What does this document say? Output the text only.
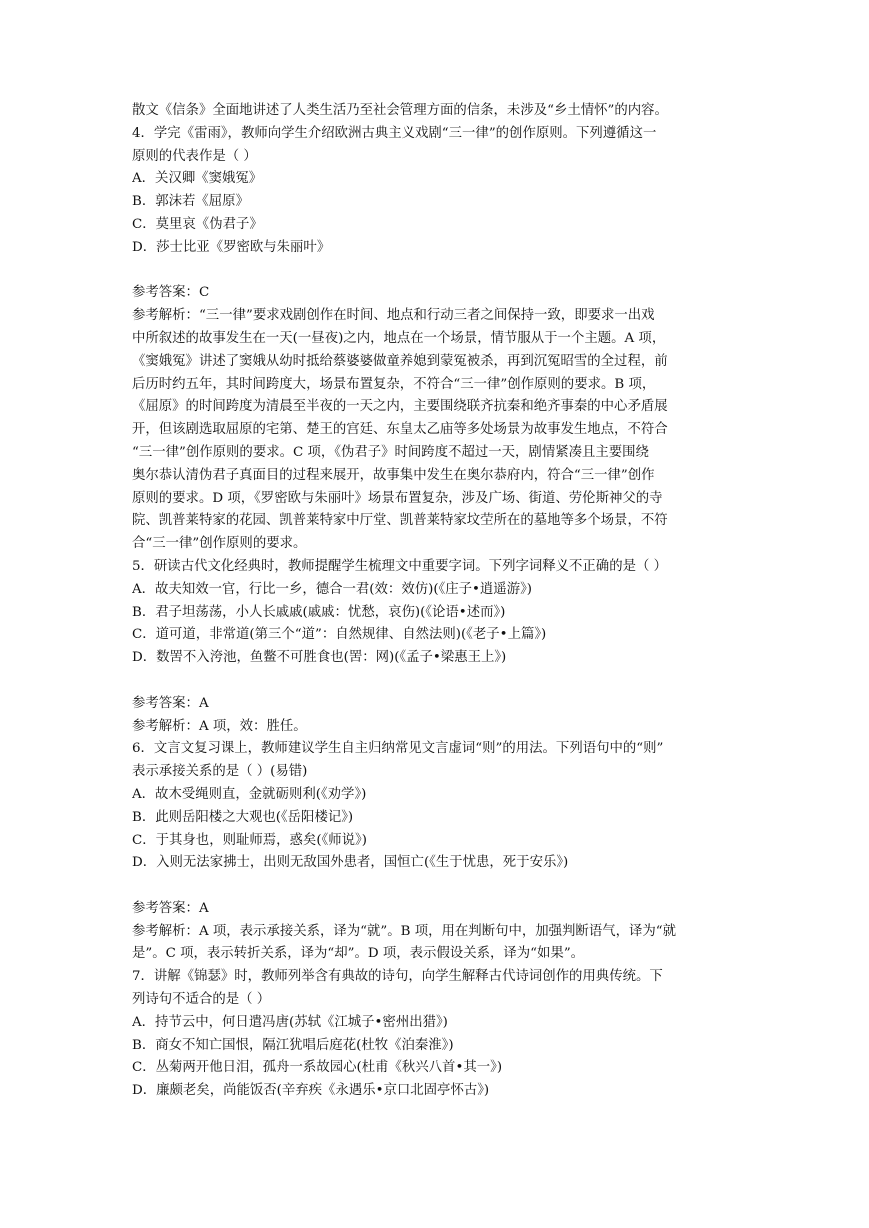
散文《信条》全面地讲述了人类生活乃至社会管理方面的信条，未涉及“乡土情怀”的内容。
4．学完《雷雨》，教师向学生介绍欧洲古典主义戏剧“三一律”的创作原则。下列遵循这一
原则的代表作是（ ）
A．关汉卿《窦娥冤》
B．郭沫若《屈原》
C．莫里哀《伪君子》
D．莎士比亚《罗密欧与朱丽叶》
参考答案：C
参考解析：“三一律”要求戏剧创作在时间、地点和行动三者之间保持一致，即要求一出戏
中所叙述的故事发生在一天(一昼夜)之内，地点在一个场景，情节服从于一个主题。A 项，
《窦娥冤》讲述了窦娥从幼时抵给蔡婆婆做童养媳到蒙冤被杀，再到沉冤昭雪的全过程，前
后历时约五年，其时间跨度大，场景布置复杂，不符合“三一律”创作原则的要求。B 项，
《屈原》的时间跨度为清晨至半夜的一天之内，主要围绕联齐抗秦和绝齐事秦的中心矛盾展
开，但该剧选取屈原的宅第、楚王的宫廷、东皇太乙庙等多处场景为故事发生地点，不符合
“三一律”创作原则的要求。C 项，《伪君子》时间跨度不超过一天，剧情紧凑且主要围绕
奥尔恭认清伪君子真面目的过程来展开，故事集中发生在奥尔恭府内，符合“三一律”创作
原则的要求。D 项，《罗密欧与朱丽叶》场景布置复杂，涉及广场、街道、劳伦斯神父的寺
院、凯普莱特家的花园、凯普莱特家中厅堂、凯普莱特家坟茔所在的墓地等多个场景，不符
合“三一律”创作原则的要求。
5．研读古代文化经典时，教师提醒学生梳理文中重要字词。下列字词释义不正确的是（ ）
A．故夫知效一官，行比一乡，德合一君(效：效仿)(《庄子•逍遥游》)
B．君子坦荡荡，小人长戚戚(戚戚：忧愁，哀伤)(《论语•述而》)
C．道可道，非常道(第三个“道”：自然规律、自然法则)(《老子•上篇》)
D．数罟不入洿池，鱼鳖不可胜食也(罟：网)(《孟子•梁惠王上》)
参考答案：A
参考解析：A 项，效：胜任。
6．文言文复习课上，教师建议学生自主归纳常见文言虚词“则”的用法。下列语句中的“则”
表示承接关系的是（ ）(易错)
A．故木受绳则直，金就砺则利(《劝学》)
B．此则岳阳楼之大观也(《岳阳楼记》)
C．于其身也，则耻师焉，惑矣(《师说》)
D．入则无法家拂士，出则无敌国外患者，国恒亡(《生于忧患，死于安乐》)
参考答案：A
参考解析：A 项，表示承接关系，译为“就”。B 项，用在判断句中，加强判断语气，译为“就
是”。C 项，表示转折关系，译为“却”。D 项，表示假设关系，译为“如果”。
7．讲解《锦瑟》时，教师列举含有典故的诗句，向学生解释古代诗词创作的用典传统。下
列诗句不适合的是（ ）
A．持节云中，何日遣冯唐(苏轼《江城子•密州出猎》)
B．商女不知亡国恨，隔江犹唱后庭花(杜牧《泊秦淮》)
C．丛菊两开他日泪，孤舟一系故园心(杜甫《秋兴八首•其一》)
D．廉颇老矣，尚能饭否(辛弃疾《永遇乐•京口北固亭怀古》)
